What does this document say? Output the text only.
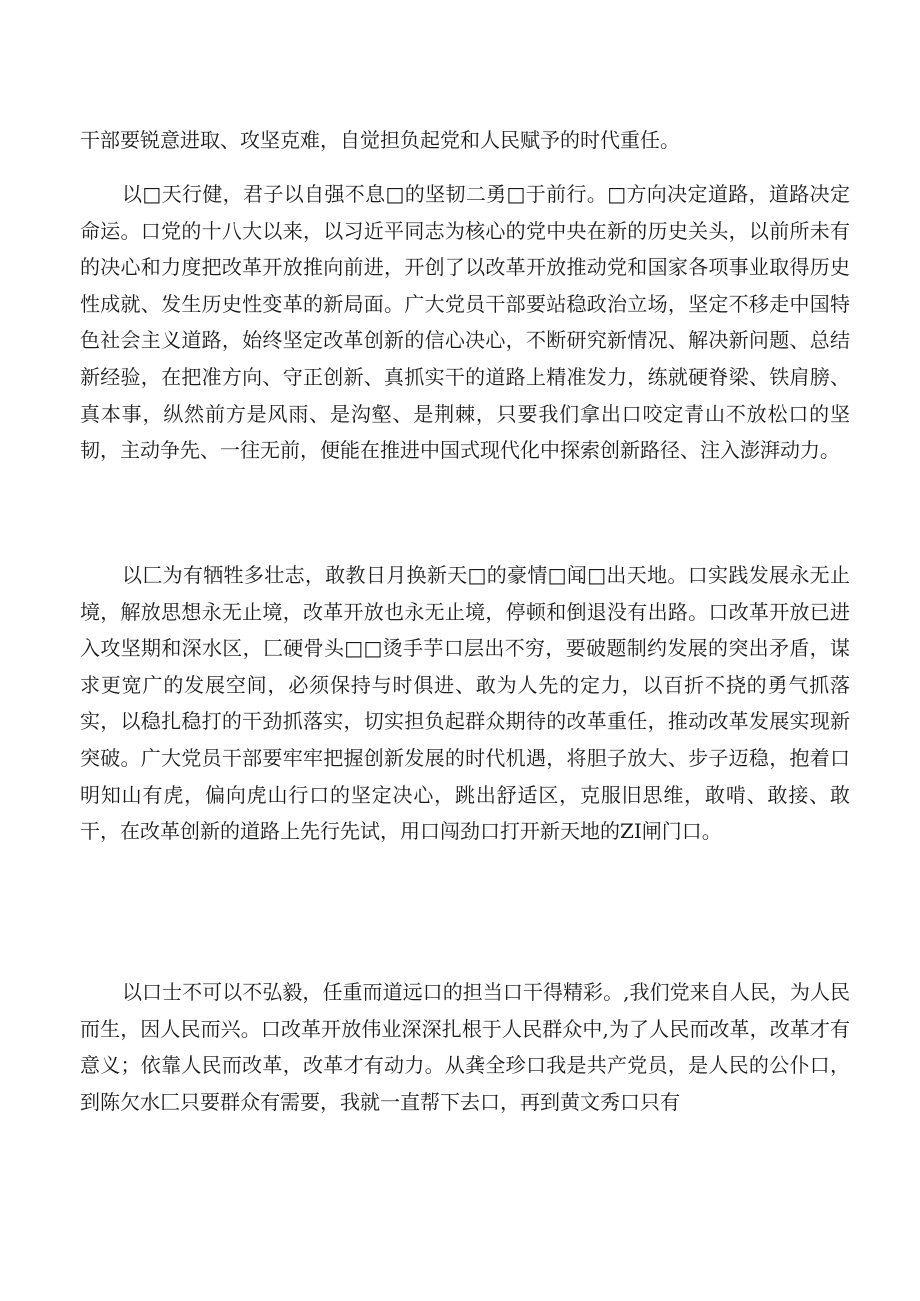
干部要锐意进取、攻坚克难，自觉担负起党和人民赋予的时代重任。

以□天行健，君子以自强不息□的坚韧二勇□于前行。□方向决定道路，道路决定命运。口党的十八大以来，以习近平同志为核心的党中央在新的历史关头，以前所未有的决心和力度把改革开放推向前进，开创了以改革开放推动党和国家各项事业取得历史性成就、发生历史性变革的新局面。广大党员干部要站稳政治立场，坚定不移走中国特色社会主义道路，始终坚定改革创新的信心决心，不断研究新情况、解决新问题、总结新经验，在把准方向、守正创新、真抓实干的道路上精准发力，练就硬脊梁、铁肩膀、真本事，纵然前方是风雨、是沟壑、是荆棘，只要我们拿出口咬定青山不放松口的坚韧，主动争先、一往无前，便能在推进中国式现代化中探索创新路径、注入澎湃动力。

以匚为有牺牲多壮志，敢教日月换新天□的豪情□闻□出天地。口实践发展永无止境，解放思想永无止境，改革开放也永无止境，停顿和倒退没有出路。口改革开放已进入攻坚期和深水区，匚硬骨头□□烫手芋口层出不穷，要破题制约发展的突出矛盾，谋求更宽广的发展空间，必须保持与时俱进、敢为人先的定力，以百折不挠的勇气抓落实，以稳扎稳打的干劲抓落实，切实担负起群众期待的改革重任，推动改革发展实现新突破。广大党员干部要牢牢把握创新发展的时代机遇，将胆子放大、步子迈稳，抱着口明知山有虎，偏向虎山行口的坚定决心，跳出舒适区，克服旧思维，敢啃、敢接、敢干，在改革创新的道路上先行先试，用口闯劲口打开新天地的ZI闸门口。

以口士不可以不弘毅，任重而道远口的担当口干得精彩。,我们党来自人民，为人民而生，因人民而兴。口改革开放伟业深深扎根于人民群众中,为了人民而改革，改革才有意义；依靠人民而改革，改革才有动力。从龚全珍口我是共产党员，是人民的公仆口，到陈欠水匚只要群众有需要，我就一直帮下去口，再到黄文秀口只有
